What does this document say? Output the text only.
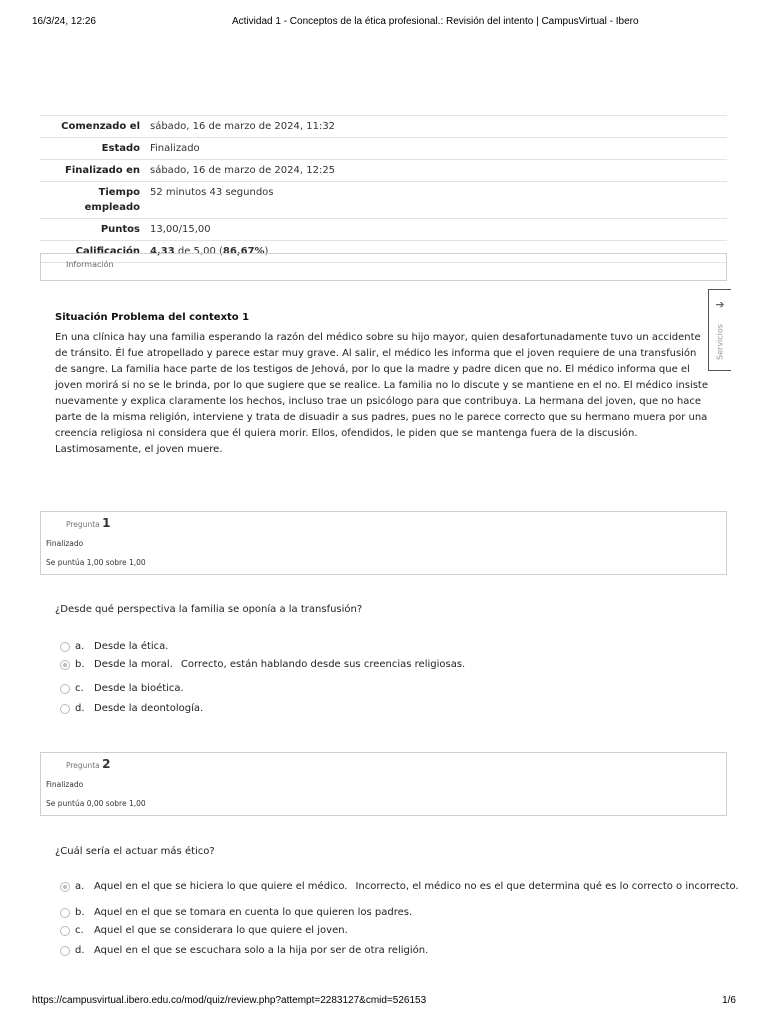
16/3/24, 12:26	Actividad 1 - Conceptos de la ética profesional.: Revisión del intento | CampusVirtual - Ibero
Comenzado el	sábado, 16 de marzo de 2024, 11:32
Estado	Finalizado
Finalizado en	sábado, 16 de marzo de 2024, 12:25
Tiempo empleado	52 minutos 43 segundos
Puntos	13,00/15,00
Calificación	4,33 de 5,00 (86,67%)
Información
Situación Problema del contexto 1

En una clínica hay una familia esperando la razón del médico sobre su hijo mayor, quien desafortunadamente tuvo un accidente de tránsito. Él fue atropellado y parece estar muy grave. Al salir, el médico les informa que el joven requiere de una transfusión de sangre. La familia hace parte de los testigos de Jehová, por lo que la madre y padre dicen que no. El médico informa que el joven morirá si no se le brinda, por lo que sugiere que se realice. La familia no lo discute y se mantiene en el no. El médico insiste nuevamente y explica claramente los hechos, incluso trae un psicólogo para que contribuya. La hermana del joven, que no hace parte de la misma religión, interviene y trata de disuadir a sus padres, pues no le parece correcto que su hermano muera por una creencia religiosa ni considera que él quiera morir. Ellos, ofendidos, le piden que se mantenga fuera de la discusión. Lastimosamente, el joven muere.

➔
Servicios
Pregunta 1
Finalizado
Se puntúa 1,00 sobre 1,00
¿Desde qué perspectiva la familia se oponía a la transfusión?
a. Desde la ética.
b. Desde la moral. Correcto, están hablando desde sus creencias religiosas.
c. Desde la bioética.
d. Desde la deontología.
Pregunta 2
Finalizado
Se puntúa 0,00 sobre 1,00
¿Cuál sería el actuar más ético?
a. Aquel en el que se hiciera lo que quiere el médico. Incorrecto, el médico no es el que determina qué es lo correcto o incorrecto.
b. Aquel en el que se tomara en cuenta lo que quieren los padres.
c. Aquel el que se considerara lo que quiere el joven.
d. Aquel en el que se escuchara solo a la hija por ser de otra religión.
https://campusvirtual.ibero.edu.co/mod/quiz/review.php?attempt=2283127&cmid=526153	1/6
